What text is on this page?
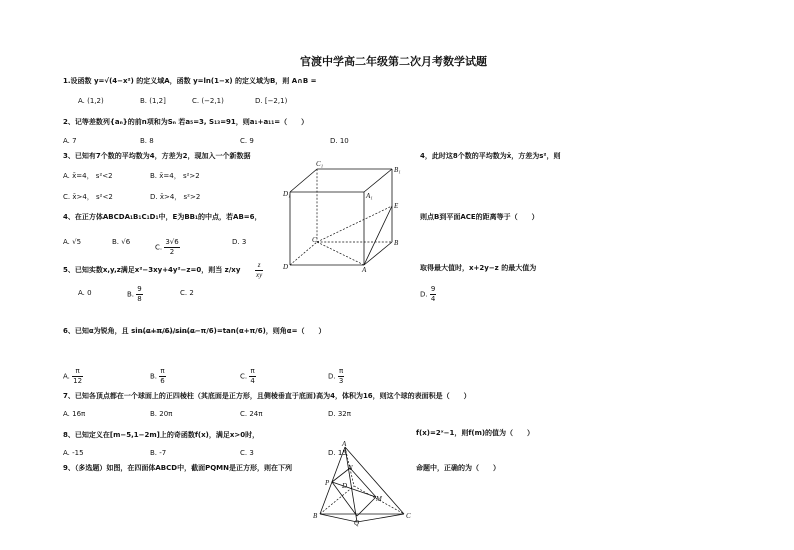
官渡中学高二年级第二次月考数学试题
1.设函数 y=√(4−x²) 的定义域A，函数 y=ln(1−x) 的定义域为B，则 A∩B =
A. (1,2)	B. (1,2]	C. (−2,1)	D. [−2,1)
2、记等差数列{aₙ}的前n项和为Sₙ 若a₅=3, S₁₃=91，则a₁+a₁₁=（　　）
A. 7	B. 8	C. 9	D. 10
3、已知有7个数的平均数为4，方差为2，现加入一个新数据	4，此时这8个数的平均数为x̄，方差为s²，则
A. x̄=4， s²<2	B. x̄=4， s²>2
C. x̄>4， s²<2	D. x̄>4， s²>2
C₁
B₁
D₁	A₁
E
C	B
D	A
4、在正方体ABCDA₁B₁C₁D₁中，E为BB₁的中点，若AB=6，	则点B到平面ACE的距离等于（　　）
A. √5	B. √6
C. $\frac{3√6}{2}$	D. 3
5、已知实数x,y,z满足x²−3xy+4y²−z=0，则当 $z/xy \frac{z}{xy}$	取得最大值时，x+2y−z 的最大值为
A. 0	B. $\frac{9}{8}$	C. 2	D. $\frac{9}{4}$
6、已知α为锐角，且 sin(α+π/6)/sin(α−π/6)=tan(α+π/6)，则角α=（　　）
A. $\frac{\pi}{12}$	B. $\frac{\pi}{6}$	C. $\frac{\pi}{4}$	D. $\frac{\pi}{3}$
7、已知各顶点都在一个球面上的正四棱柱（其底面是正方形，且侧棱垂直于底面)高为4，体积为16，则这个球的表面积是（　　）
A. 16π	B. 20π	C. 24π	D. 32π
8、已知定义在[m−5,1−2m]上的奇函数f(x)，满足x>0时，	f(x)=2ˣ−1，则f(m)的值为（　　）
A. -15	B. -7	C. 3	D. 15
9、（多选题）如图，在四面体ABCD中，截面PQMN是正方形，则在下列	命题中，正确的为（　　）
A
N
D
P
M
B
Q
C
